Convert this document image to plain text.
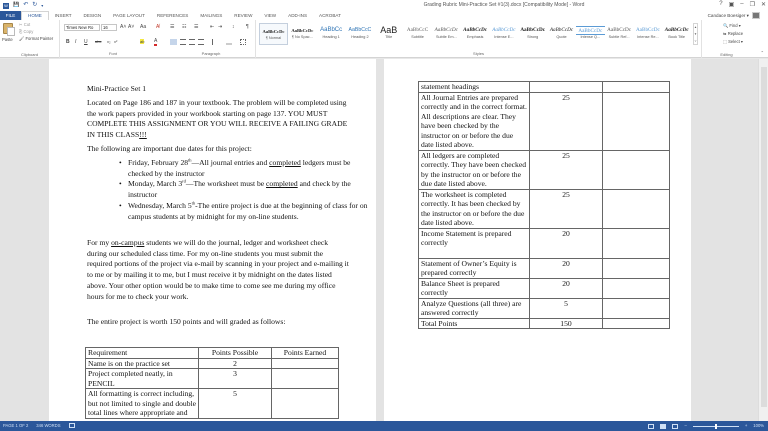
W 💾 ↶ ↻ ▾	Grading Rubric Mini-Practice Set #1(3).docx [Compatibility Mode] - Word	? ▣ – ❐ ✕
FILE	HOME	INSERT	DESIGN	PAGE LAYOUT	REFERENCES	MAILINGS	REVIEW	VIEW	ADD-INS	ACROBAT	Candace Boesiger ▾
Paste
✂ Cut
⎘ Copy
🖌 Format Painter
Clipboard
Times New Ro	16	A˄ A˅ Aa A̸
B I U abc x₂ x²	ab A
Font
☰ ☷ ☰ ⇤ ⇥ ↕ ¶
Paragraph
AaBbCcDc
¶ Normal
AaBbCcDc
¶ No Spac...
AaBbCc
Heading 1
AaBbCcC
Heading 2
AaB
Title
AaBbCcC
Subtitle
AaBbCcDc
Subtle Em...
AaBbCcDc
Emphasis
AaBbCcDc
Intense E...
AaBbCcDc
Strong
AaBbCcDc
Quote
AaBbCcDc
Intense Q...
AaBbCcDc
Subtle Ref...
AaBbCcDc
Intense Re...
AaBbCcDc
Book Title
▴
▾
▿
Styles
🔍 Find ▾
⇆ Replace
⬚ Select ▾
Editing	⌃
Mini-Practice Set 1
Located on Page 186 and 187 in your textbook. The problem will be completed using the work papers provided in your workbook starting on page 137. YOU MUST COMPLETE THIS ASSIGNMENT OR YOU WILL RECEIVE A FAILING GRADE IN THIS CLASS!!!
The following are important due dates for this project:
• Friday, February 28th—All journal entries and completed ledgers must be checked by the instructor
• Monday, March 3rd—The worksheet must be completed and check by the instructor
• Wednesday, March 5th-The entire project is due at the beginning of class for on campus students at by midnight for my on-line students.
For my on-campus students we will do the journal, ledger and worksheet check during our scheduled class time. For my on-line students you must submit the required portions of the project via e-mail by scanning in your project and e-mailing it to me or by mailing it to me, but I must receive it by midnight on the dates listed above. Your other option would be to make time to come see me during my office hours for me to check your work.
The entire project is worth 150 points and will graded as follows:
Requirement	Points Possible	Points Earned
Name is on the practice set	2	
Project completed neatly, in PENCIL	3	
All formatting is correct including, but not limited to single and double total lines where appropriate and	5	
statement headings		
All Journal Entries are prepared correctly and in the correct format. All descriptions are clear. They have been checked by the instructor on or before the due date listed above.	25	
All ledgers are completed correctly. They have been checked by the instructor on or before the due date listed above.	25	
The worksheet is completed correctly. It has been checked by the instructor on or before the due date listed above.	25	
Income Statement is prepared correctly	20	
Statement of Owner’s Equity is prepared correctly	20	
Balance Sheet is prepared correctly	20	
Analyze Questions (all three) are answered correctly	5	
Total Points	150	
PAGE 1 OF 2 346 WORDS	–	+ 100%
